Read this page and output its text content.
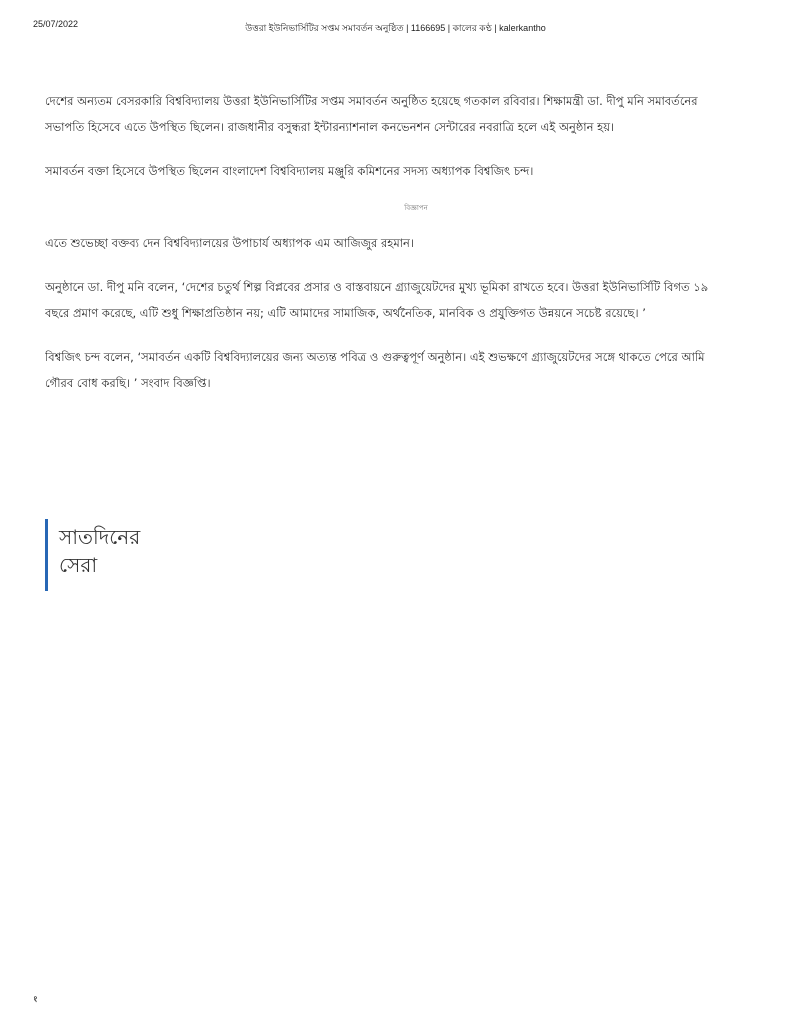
25/07/2022	উত্তরা ইউনিভার্সিটির সপ্তম সমাবর্তন অনুষ্ঠিত | 1166695 | কালের কণ্ঠ | kalerkantho

দেশের অন্যতম বেসরকারি বিশ্ববিদ্যালয় উত্তরা ইউনিভার্সিটির সপ্তম সমাবর্তন অনুষ্ঠিত হয়েছে গতকাল রবিবার। শিক্ষামন্ত্রী ডা. দীপু মনি সমাবর্তনের
সভাপতি হিসেবে এতে উপস্থিত ছিলেন। রাজধানীর বসুন্ধরা ইন্টারন্যাশনাল কনভেনশন সেন্টারের নবরাত্রি হলে এই অনুষ্ঠান হয়।

সমাবর্তন বক্তা হিসেবে উপস্থিত ছিলেন বাংলাদেশ বিশ্ববিদ্যালয় মঞ্জুরি কমিশনের সদস্য অধ্যাপক বিশ্বজিৎ চন্দ।

বিজ্ঞাপন

এতে শুভেচ্ছা বক্তব্য দেন বিশ্ববিদ্যালয়ের উপাচার্য অধ্যাপক এম আজিজুর রহমান।

অনুষ্ঠানে ডা. দীপু মনি বলেন, ‘দেশের চতুর্থ শিল্প বিপ্লবের প্রসার ও বাস্তবায়নে গ্র্যাজুয়েটদের মুখ্য ভূমিকা রাখতে হবে। উত্তরা ইউনিভার্সিটি বিগত ১৯
বছরে প্রমাণ করেছে, এটি শুধু শিক্ষাপ্রতিষ্ঠান নয়; এটি আমাদের সামাজিক, অর্থনৈতিক, মানবিক ও প্রযুক্তিগত উন্নয়নে সচেষ্ট রয়েছে। ’

বিশ্বজিৎ চন্দ বলেন, ‘সমাবর্তন একটি বিশ্ববিদ্যালয়ের জন্য অত্যন্ত পবিত্র ও গুরুত্বপূর্ণ অনুষ্ঠান। এই শুভক্ষণে গ্র্যাজুয়েটদের সঙ্গে থাকতে পেরে আমি
গৌরব বোধ করছি। ’ সংবাদ বিজ্ঞপ্তি।

সাতদিনের
সেরা
१
